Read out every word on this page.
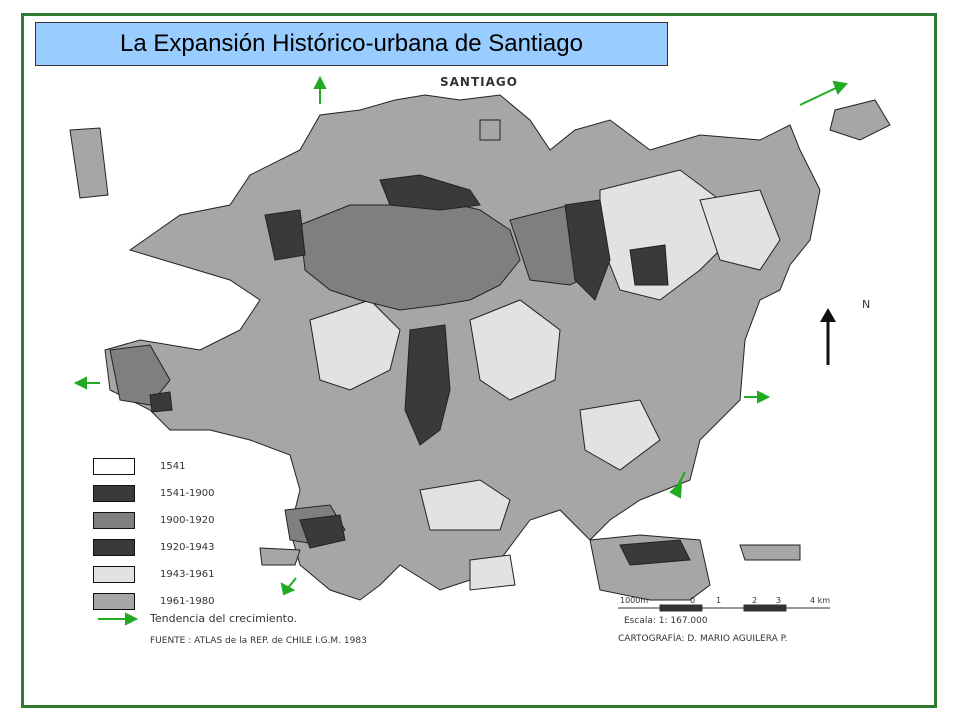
La Expansión Histórico-urbana de Santiago
SANTIAGO
N
1541
1541-1900
1900-1920
1920-1943
1943-1961
1961-1980
Tendencia del crecimiento.
FUENTE : ATLAS de la REP. de CHILE I.G.M. 1983	CARTOGRAFÍA: D. MARIO AGUILERA P.
Escala: 1: 167.000
1000m	0	1	2 3	4 km
